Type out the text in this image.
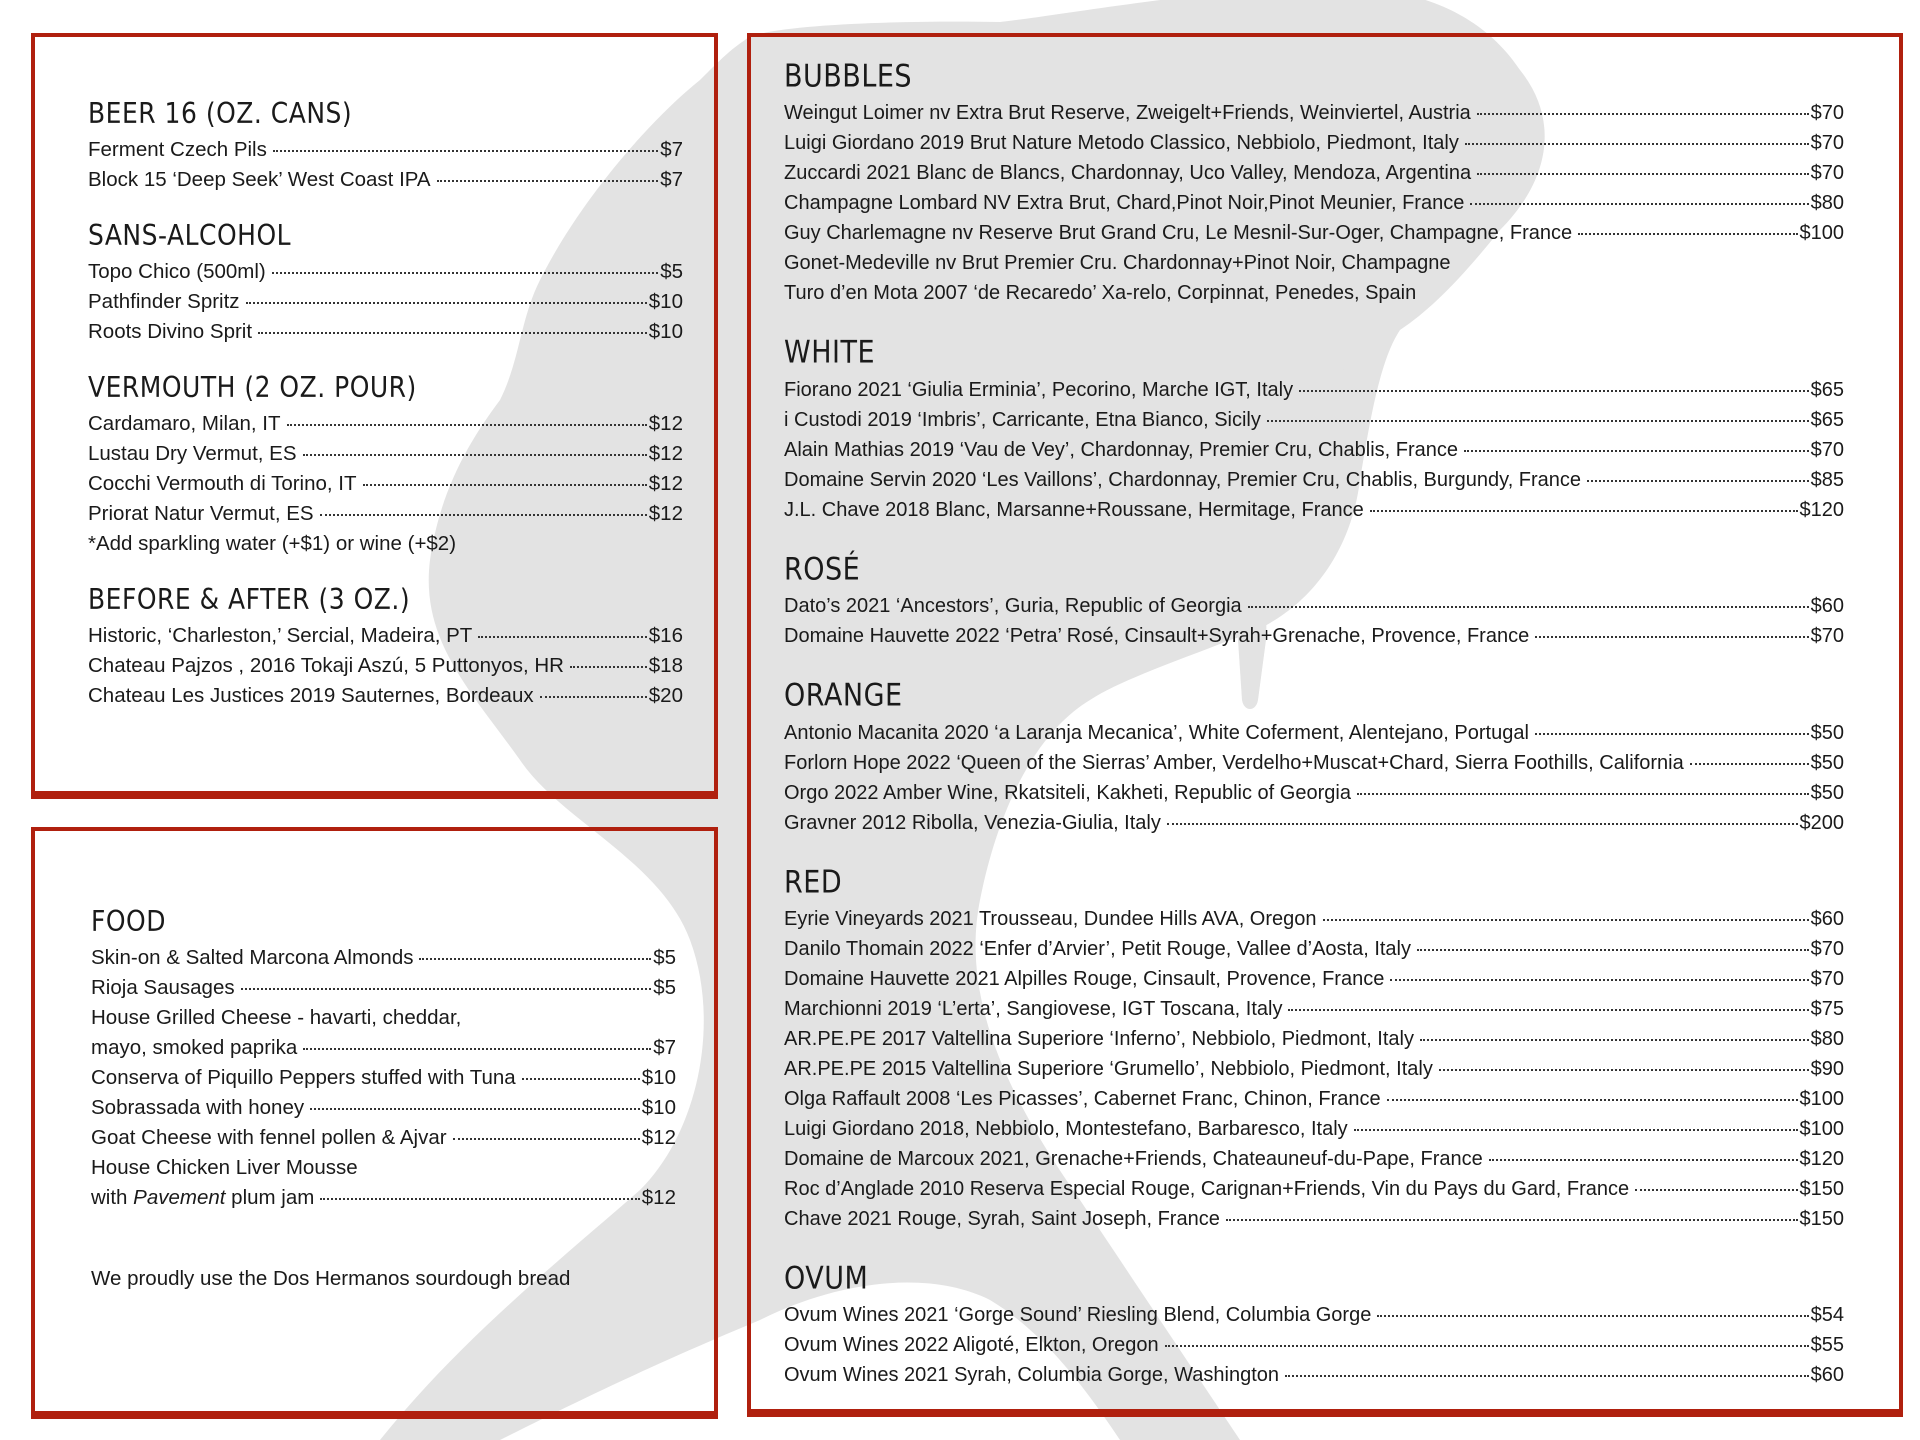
BEER 16 (OZ. CANS)
Ferment Czech Pils	$7
Block 15 ‘Deep Seek’ West Coast IPA	$7
SANS-ALCOHOL
Topo Chico (500ml)	$5
Pathfinder Spritz	$10
Roots Divino Sprit	$10
VERMOUTH (2 OZ. POUR)
Cardamaro, Milan, IT	$12
Lustau Dry Vermut, ES	$12
Cocchi Vermouth di Torino, IT	$12
Priorat Natur Vermut, ES	$12
*Add sparkling water (+$1) or wine (+$2)
BEFORE & AFTER (3 OZ.)
Historic, ‘Charleston,’ Sercial, Madeira, PT	$16
Chateau Pajzos , 2016 Tokaji Aszú, 5 Puttonyos, HR	$18
Chateau Les Justices 2019 Sauternes, Bordeaux	$20
FOOD
Skin-on & Salted Marcona Almonds	$5
Rioja Sausages	$5
House Grilled Cheese - havarti, cheddar,
mayo, smoked paprika	$7
Conserva of Piquillo Peppers stuffed with Tuna	$10
Sobrassada with honey	$10
Goat Cheese with fennel pollen & Ajvar	$12
House Chicken Liver Mousse
with Pavement plum jam	$12
We proudly use the Dos Hermanos sourdough bread
BUBBLES
Weingut Loimer nv Extra Brut Reserve, Zweigelt+Friends, Weinviertel, Austria	$70
Luigi Giordano 2019 Brut Nature Metodo Classico, Nebbiolo, Piedmont, Italy	$70
Zuccardi 2021 Blanc de Blancs, Chardonnay, Uco Valley, Mendoza, Argentina	$70
Champagne Lombard NV Extra Brut, Chard,Pinot Noir,Pinot Meunier, France	$80
Guy Charlemagne nv Reserve Brut Grand Cru, Le Mesnil-Sur-Oger, Champagne, France	$100
Gonet-Medeville nv Brut Premier Cru. Chardonnay+Pinot Noir, Champagne
Turo d’en Mota 2007 ‘de Recaredo’ Xa-relo, Corpinnat, Penedes, Spain
WHITE
Fiorano 2021 ‘Giulia Erminia’, Pecorino, Marche IGT, Italy	$65
i Custodi 2019 ‘Imbris’, Carricante, Etna Bianco, Sicily	$65
Alain Mathias 2019 ‘Vau de Vey’, Chardonnay, Premier Cru, Chablis, France	$70
Domaine Servin 2020 ‘Les Vaillons’, Chardonnay, Premier Cru, Chablis, Burgundy, France	$85
J.L. Chave 2018 Blanc, Marsanne+Roussane, Hermitage, France	$120
ROSÉ
Dato’s 2021 ‘Ancestors’, Guria, Republic of Georgia	$60
Domaine Hauvette 2022 ‘Petra’ Rosé, Cinsault+Syrah+Grenache, Provence, France	$70
ORANGE
Antonio Macanita 2020 ‘a Laranja Mecanica’, White Coferment, Alentejano, Portugal	$50
Forlorn Hope 2022 ‘Queen of the Sierras’ Amber, Verdelho+Muscat+Chard, Sierra Foothills, California	$50
Orgo 2022 Amber Wine, Rkatsiteli, Kakheti, Republic of Georgia	$50
Gravner 2012 Ribolla, Venezia-Giulia, Italy	$200
RED
Eyrie Vineyards 2021 Trousseau, Dundee Hills AVA, Oregon	$60
Danilo Thomain 2022 ‘Enfer d’Arvier’, Petit Rouge, Vallee d’Aosta, Italy	$70
Domaine Hauvette 2021 Alpilles Rouge, Cinsault, Provence, France	$70
Marchionni 2019 ‘L’erta’, Sangiovese, IGT Toscana, Italy	$75
AR.PE.PE 2017 Valtellina Superiore ‘Inferno’, Nebbiolo, Piedmont, Italy	$80
AR.PE.PE 2015 Valtellina Superiore ‘Grumello’, Nebbiolo, Piedmont, Italy	$90
Olga Raffault 2008 ‘Les Picasses’, Cabernet Franc, Chinon, France	$100
Luigi Giordano 2018, Nebbiolo, Montestefano, Barbaresco, Italy	$100
Domaine de Marcoux 2021, Grenache+Friends, Chateauneuf-du-Pape, France	$120
Roc d’Anglade 2010 Reserva Especial Rouge, Carignan+Friends, Vin du Pays du Gard, France	$150
Chave 2021 Rouge, Syrah, Saint Joseph, France	$150
OVUM
Ovum Wines 2021 ‘Gorge Sound’ Riesling Blend, Columbia Gorge	$54
Ovum Wines 2022 Aligoté, Elkton, Oregon	$55
Ovum Wines 2021 Syrah, Columbia Gorge, Washington	$60
